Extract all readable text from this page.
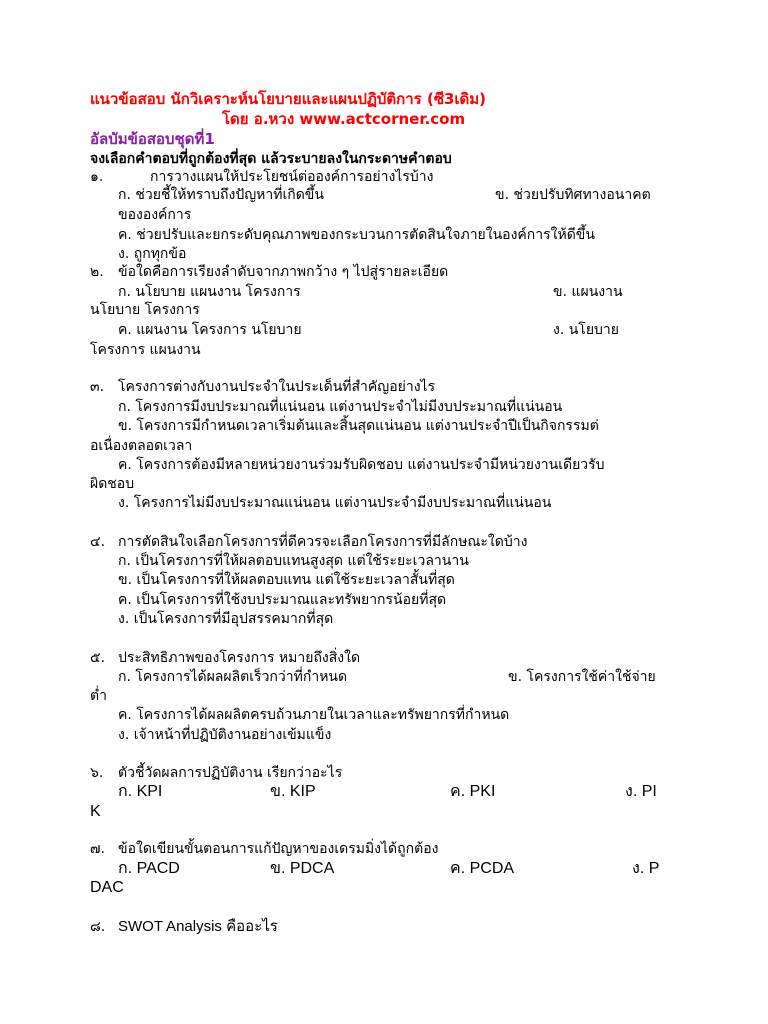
แนวข้อสอบ นักวิเคราะห์นโยบายและแผนปฏิบัติการ (ซี3เดิม)
โดย อ.หวง www.actcorner.com
อัลบัมข้อสอบชุดที่1
จงเลือกคำตอบที่ถูกต้องที่สุด แล้วระบายลงในกระดาษคำตอบ
๑.	การวางแผนให้ประโยชน์ต่อองค์การอย่างไรบ้าง
ก. ช่วยชี้ให้ทราบถึงปัญหาที่เกิดขึ้น	ข. ช่วยปรับทิศทางอนาคต
ขององค์การ
ค. ช่วยปรับและยกระดับคุณภาพของกระบวนการตัดสินใจภายในองค์การให้ดีขึ้น
ง. ถูกทุกข้อ
๒. ข้อใดคือการเรียงลำดับจากภาพกว้าง ๆ ไปสู่รายละเอียด
ก. นโยบาย แผนงาน โครงการ	ข. แผนงาน
นโยบาย โครงการ
ค. แผนงาน โครงการ นโยบาย	ง. นโยบาย
โครงการ แผนงาน
๓. โครงการต่างกับงานประจำในประเด็นที่สำคัญอย่างไร
ก. โครงการมีงบประมาณที่แน่นอน แต่งานประจำไม่มีงบประมาณที่แน่นอน
ข. โครงการมีกำหนดเวลาเริ่มต้นและสิ้นสุดแน่นอน แต่งานประจำปีเป็นกิจกรรมต่
อเนื่องตลอดเวลา
ค. โครงการต้องมีหลายหน่วยงานร่วมรับผิดชอบ แต่งานประจำมีหน่วยงานเดียวรับ
ผิดชอบ
ง. โครงการไม่มีงบประมาณแน่นอน แต่งานประจำมีงบประมาณที่แน่นอน
๔. การตัดสินใจเลือกโครงการที่ดีควรจะเลือกโครงการที่มีลักษณะใดบ้าง
ก. เป็นโครงการที่ให้ผลตอบแทนสูงสุด แต่ใช้ระยะเวลานาน
ข. เป็นโครงการที่ให้ผลตอบแทน แต่ใช้ระยะเวลาสั้นที่สุด
ค. เป็นโครงการที่ใช้งบประมาณและทรัพยากรน้อยที่สุด
ง. เป็นโครงการที่มีอุปสรรคมากที่สุด
๕. ประสิทธิภาพของโครงการ หมายถึงสิ่งใด
ก. โครงการได้ผลผลิตเร็วกว่าที่กำหนด	ข. โครงการใช้ค่าใช้จ่าย
ต่ำ
ค. โครงการได้ผลผลิตครบถ้วนภายในเวลาและทรัพยากรที่กำหนด
ง. เจ้าหน้าที่ปฏิบัติงานอย่างเข้มแข็ง
๖. ตัวชี้วัดผลการปฏิบัติงาน เรียกว่าอะไร
ก. KPI	ข. KIP	ค. PKI	ง. PI
K
๗. ข้อใดเขียนขั้นตอนการแก้ปัญหาของเดรมมิ่งได้ถูกต้อง
ก. PACD	ข. PDCA	ค. PCDA	ง. P
DAC
๘. SWOT Analysis คืออะไร
